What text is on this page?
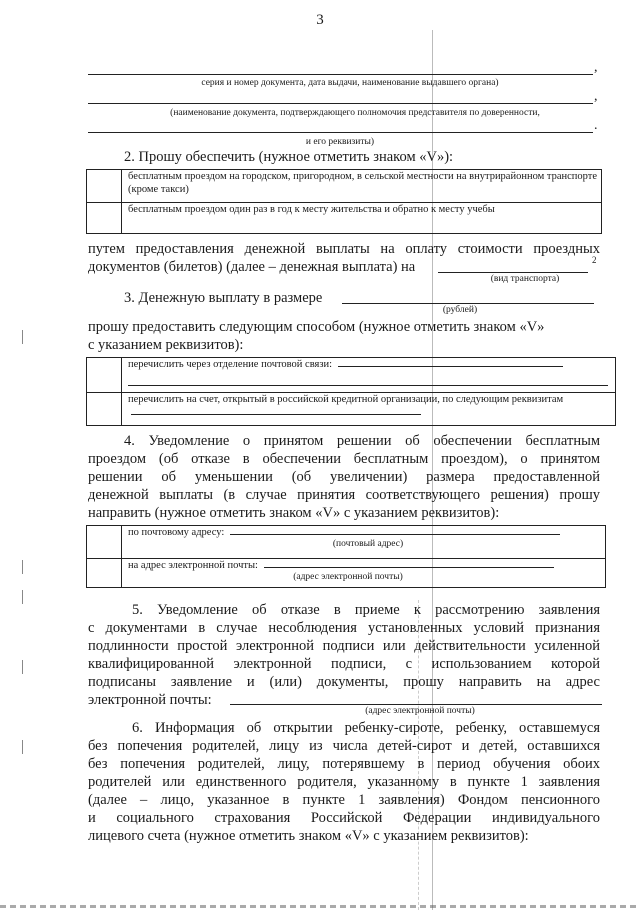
3
,
серия и номер документа, дата выдачи, наименование выдавшего органа)
,
(наименование документа, подтверждающего полномочия представителя по доверенности,
.
и его реквизиты)
2. Прошу обеспечить (нужное отметить знаком «V»):
	бесплатным проездом на городском, пригородном, в сельской местности на внутрирайонном транспорте (кроме такси)
	бесплатным проездом один раз в год к месту жительства и обратно к месту учебы
путем предоставления денежной выплаты на оплату стоимости проездных
документов (билетов) (далее – денежная выплата) на	2
(вид транспорта)
3. Денежную выплату в размере
(рублей)
прошу предоставить следующим способом (нужное отметить знаком «V»
с указанием реквизитов):
	перечислить через отделение почтовой связи:

	перечислить на счет, открытый в российской кредитной организации, по следующим реквизитам
4. Уведомление о принятом решении об обеспечении бесплатным
проездом (об отказе в обеспечении бесплатным проездом), о принятом
решении об уменьшении (об увеличении) размера предоставленной
денежной выплаты (в случае принятия соответствующего решения) прошу
направить (нужное отметить знаком «V» с указанием реквизитов):
	по почтовому адресу:
(почтовый адрес)

	на адрес электронной почты:
(адрес электронной почты)
5. Уведомление об отказе в приеме к рассмотрению заявления
с документами в случае несоблюдения установленных условий признания
подлинности простой электронной подписи или действительности усиленной
квалифицированной электронной подписи, с использованием которой
подписаны заявление и (или) документы, прошу направить на адрес
электронной почты:
(адрес электронной почты)
6. Информация об открытии ребенку-сироте, ребенку, оставшемуся
без попечения родителей, лицу из числа детей-сирот и детей, оставшихся
без попечения родителей, лицу, потерявшему в период обучения обоих
родителей или единственного родителя, указанному в пункте 1 заявления
(далее – лицо, указанное в пункте 1 заявления) Фондом пенсионного
и социального страхования Российской Федерации индивидуального
лицевого счета (нужное отметить знаком «V» с указанием реквизитов):
